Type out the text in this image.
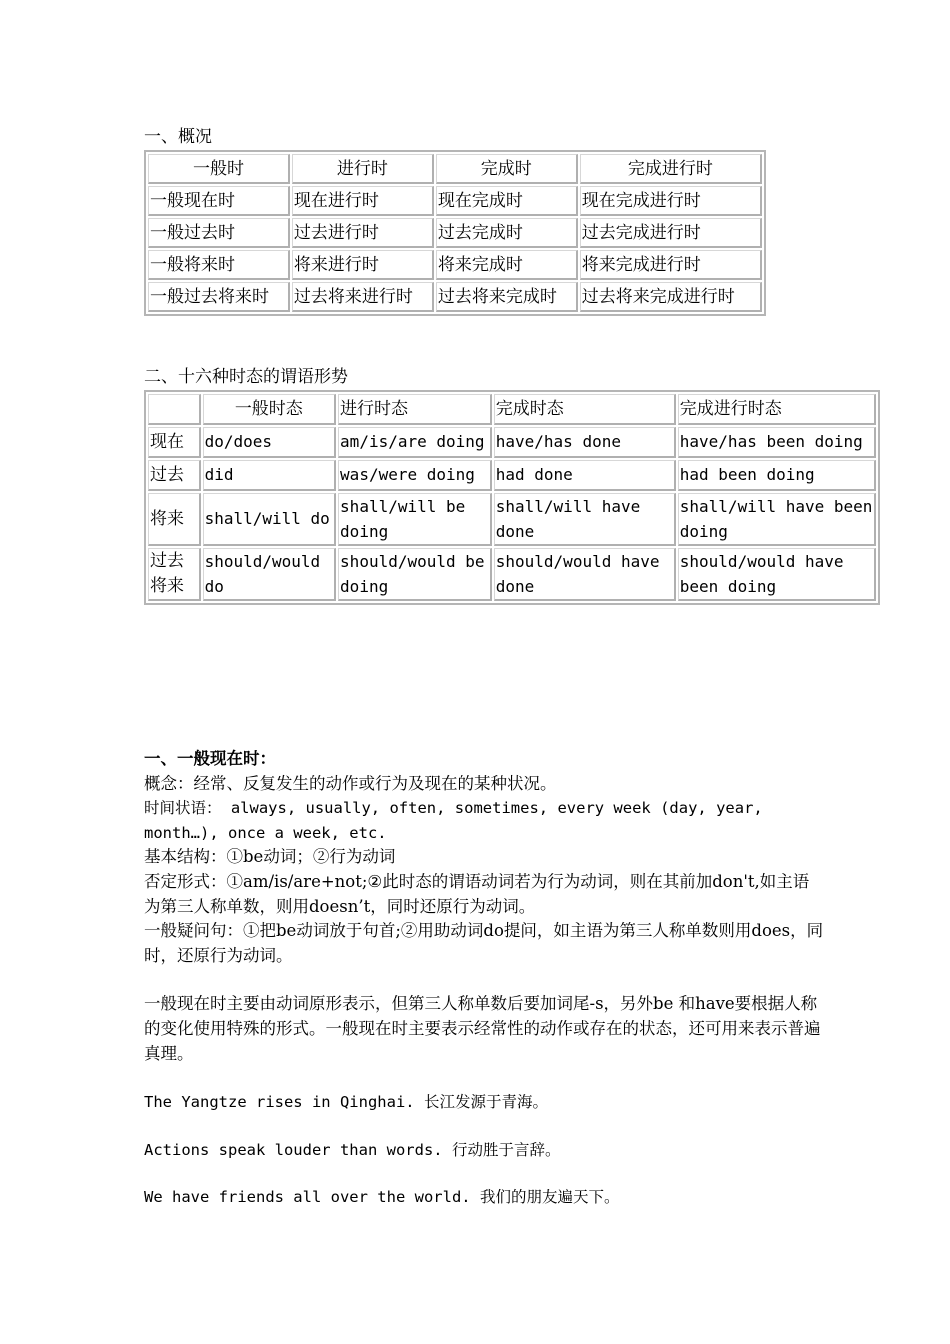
一、概况
一般时	进行时	完成时	完成进行时
一般现在时	现在进行时	现在完成时	现在完成进行时
一般过去时	过去进行时	过去完成时	过去完成进行时
一般将来时	将来进行时	将来完成时	将来完成进行时
一般过去将来时	过去将来进行时	过去将来完成时	过去将来完成进行时
二、十六种时态的谓语形势
	一般时态	进行时态	完成时态	完成进行时态
现在	do/does	am/is/are doing	have/has done	have/has been doing
过去	did	was/were doing	had done	had been doing
将来	shall/will do	shall/will be doing	shall/will have done	shall/will have been doing
过去将来	should/would do	should/would be doing	should/would have done	should/would have been doing

一、一般现在时：

概念：经常、反复发生的动作或行为及现在的某种状况。

时间状语： always, usually, often, sometimes, every week (day, year, month…), once a week, etc.

基本结构：①be动词；②行为动词

否定形式：①am/is/are+not;②此时态的谓语动词若为行为动词，则在其前加don't,如主语为第三人称单数，则用doesn’t，同时还原行为动词。

一般疑问句：①把be动词放于句首;②用助动词do提问，如主语为第三人称单数则用does，同时，还原行为动词。

一般现在时主要由动词原形表示，但第三人称单数后要加词尾-s，另外be 和have要根据人称的变化使用特殊的形式。一般现在时主要表示经常性的动作或存在的状态，还可用来表示普遍真理。

The Yangtze rises in Qinghai. 长江发源于青海。

Actions speak louder than words. 行动胜于言辞。

We have friends all over the world. 我们的朋友遍天下。
